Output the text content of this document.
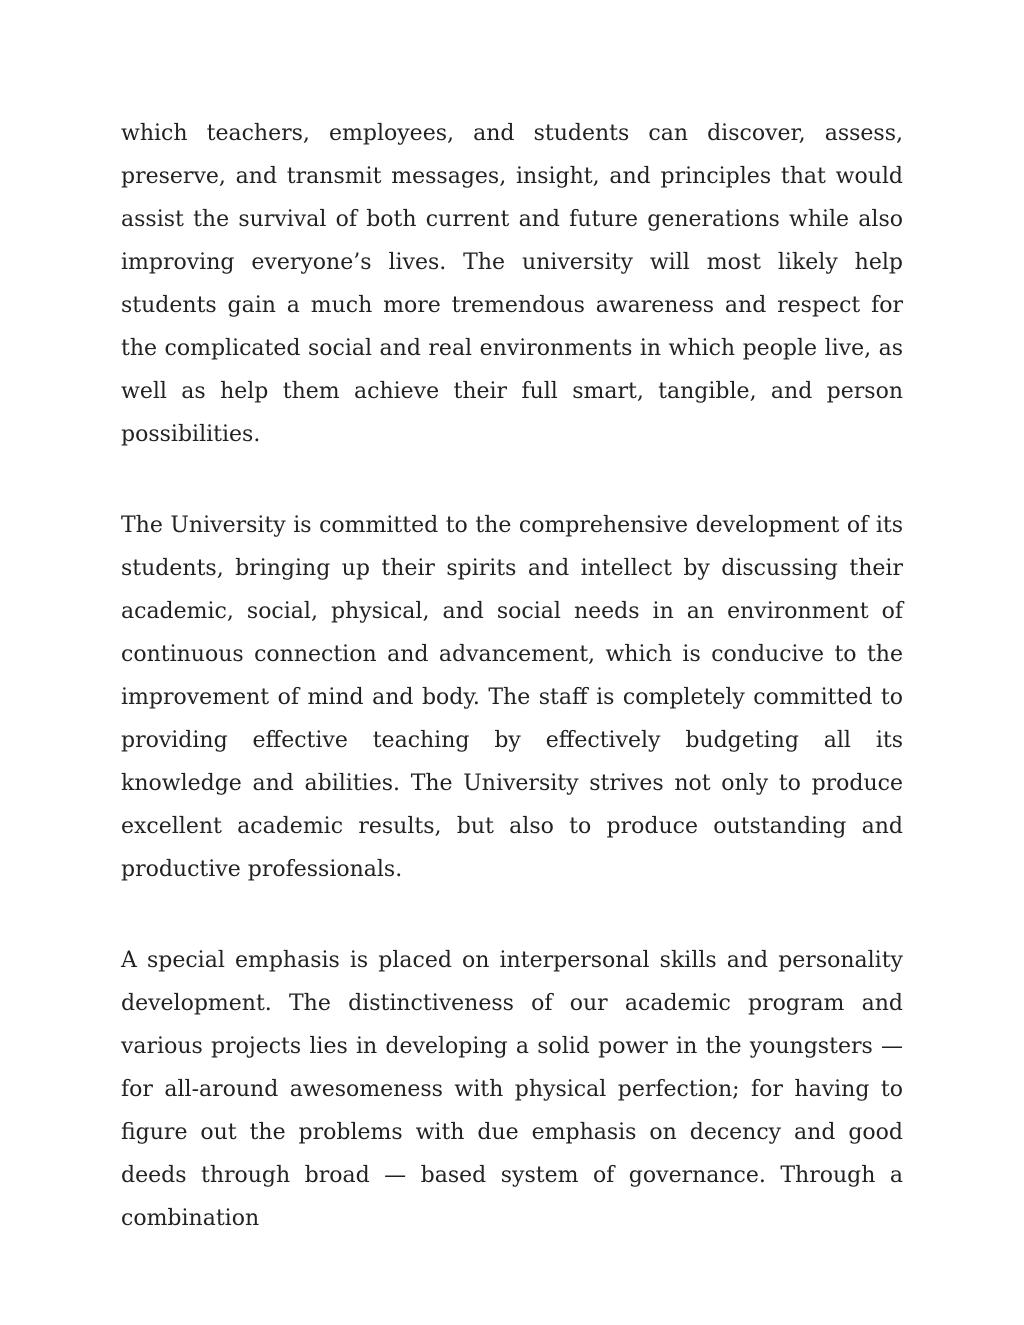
which teachers, employees, and students can discover, assess, preserve, and transmit messages, insight, and principles that would assist the survival of both current and future generations while also improving everyone’s lives. The university will most likely help students gain a much more tremendous awareness and respect for the complicated social and real environments in which people live, as well as help them achieve their full smart, tangible, and person possibilities.

The University is committed to the comprehensive development of its students, bringing up their spirits and intellect by discussing their academic, social, physical, and social needs in an environment of continuous connection and advancement, which is conducive to the improvement of mind and body. The staff is completely committed to providing effective teaching by effectively budgeting all its knowledge and abilities. The University strives not only to produce excellent academic results, but also to produce outstanding and productive professionals.

A special emphasis is placed on interpersonal skills and personality development. The distinctiveness of our academic program and various projects lies in developing a solid power in the youngsters — for all-around awesomeness with physical perfection; for having to figure out the problems with due emphasis on decency and good deeds through broad — based system of governance. Through a combination
